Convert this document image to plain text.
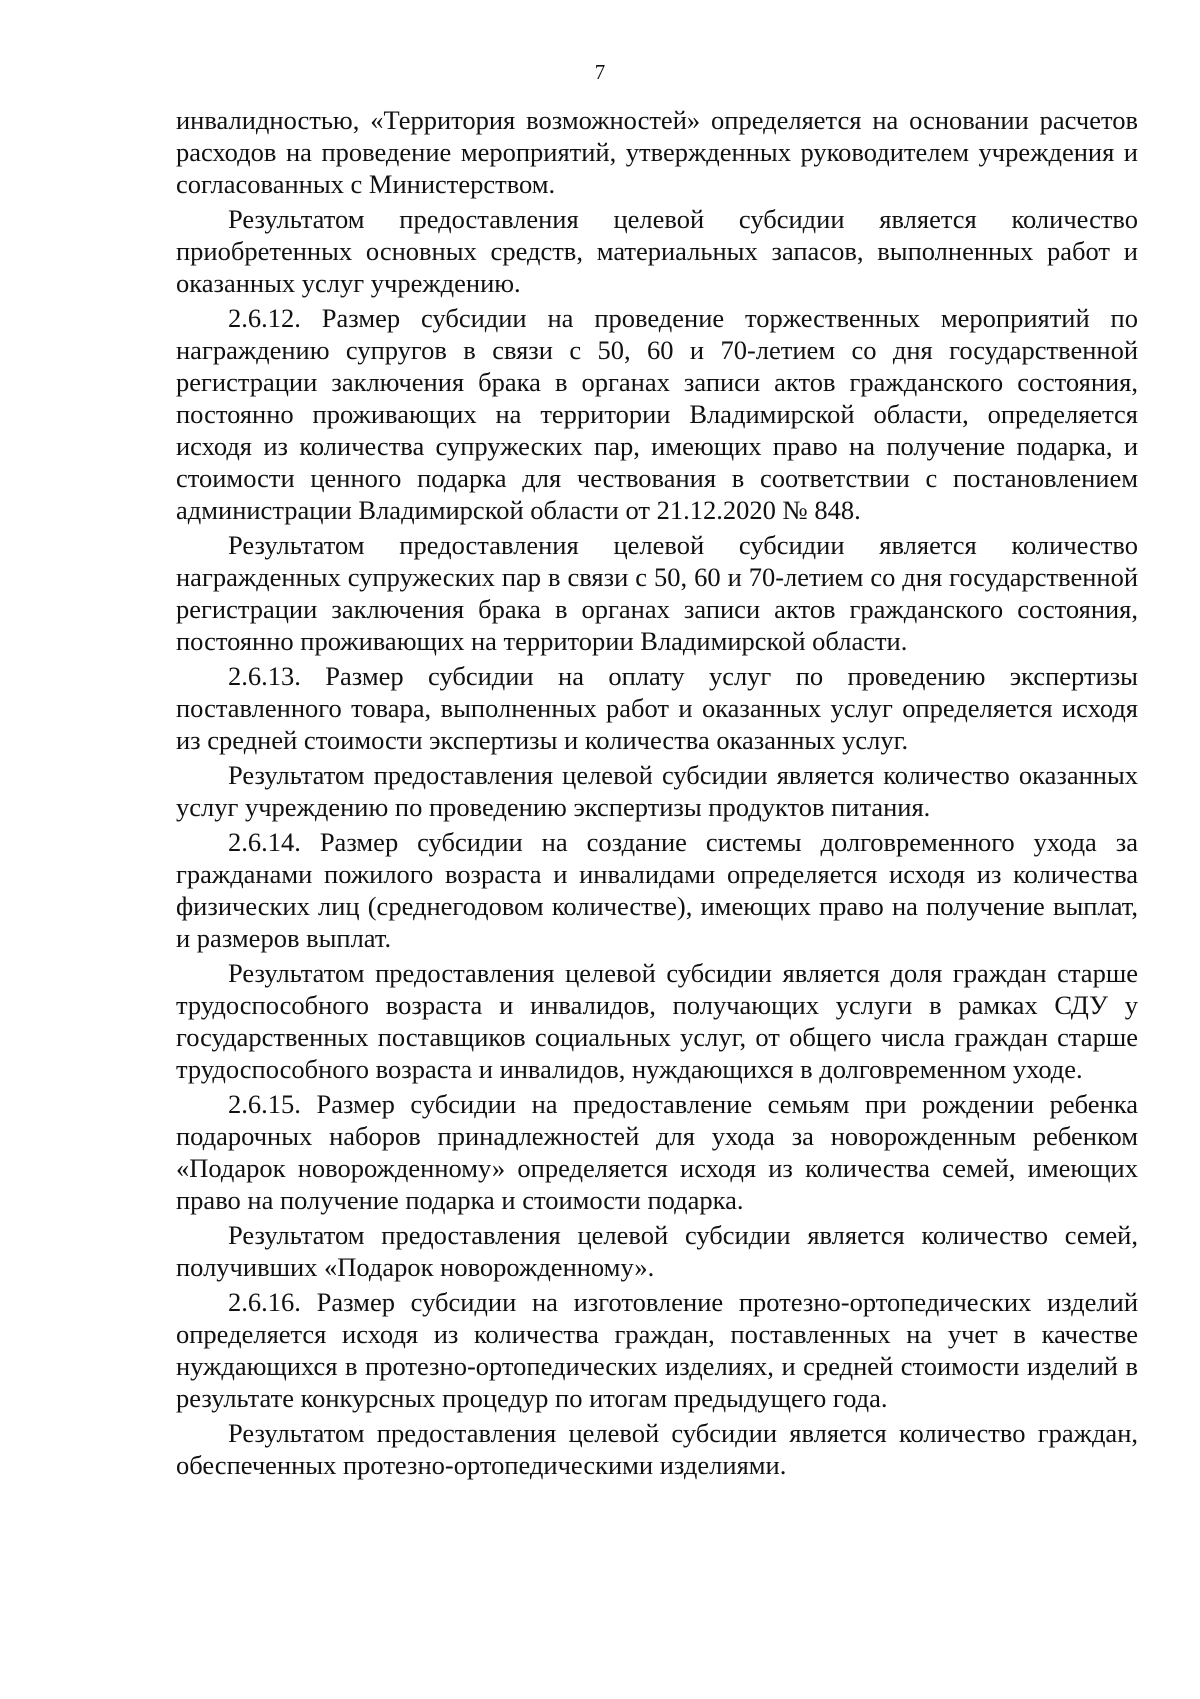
7

инвалидностью, «Территория возможностей» определяется на основании расчетов расходов на проведение мероприятий, утвержденных руководителем учреждения и согласованных с Министерством.

Результатом предоставления целевой субсидии является количество приобретенных основных средств, материальных запасов, выполненных работ и оказанных услуг учреждению.

2.6.12. Размер субсидии на проведение торжественных мероприятий по награждению супругов в связи с 50, 60 и 70-летием со дня государственной регистрации заключения брака в органах записи актов гражданского состояния, постоянно проживающих на территории Владимирской области, определяется исходя из количества супружеских пар, имеющих право на получение подарка, и стоимости ценного подарка для чествования в соответствии с постановлением администрации Владимирской области от 21.12.2020 № 848.

Результатом предоставления целевой субсидии является количество награжденных супружеских пар в связи с 50, 60 и 70-летием со дня государственной регистрации заключения брака в органах записи актов гражданского состояния, постоянно проживающих на территории Владимирской области.

2.6.13. Размер субсидии на оплату услуг по проведению экспертизы поставленного товара, выполненных работ и оказанных услуг определяется исходя из средней стоимости экспертизы и количества оказанных услуг.

Результатом предоставления целевой субсидии является количество оказанных услуг учреждению по проведению экспертизы продуктов питания.

2.6.14. Размер субсидии на создание системы долговременного ухода за гражданами пожилого возраста и инвалидами определяется исходя из количества физических лиц (среднегодовом количестве), имеющих право на получение выплат, и размеров выплат.

Результатом предоставления целевой субсидии является доля граждан старше трудоспособного возраста и инвалидов, получающих услуги в рамках СДУ у государственных поставщиков социальных услуг, от общего числа граждан старше трудоспособного возраста и инвалидов, нуждающихся в долговременном уходе.

2.6.15. Размер субсидии на предоставление семьям при рождении ребенка подарочных наборов принадлежностей для ухода за новорожденным ребенком «Подарок новорожденному» определяется исходя из количества семей, имеющих право на получение подарка и стоимости подарка.

Результатом предоставления целевой субсидии является количество семей, получивших «Подарок новорожденному».

2.6.16. Размер субсидии на изготовление протезно-ортопедических изделий определяется исходя из количества граждан, поставленных на учет в качестве нуждающихся в протезно-ортопедических изделиях, и средней стоимости изделий в результате конкурсных процедур по итогам предыдущего года.

Результатом предоставления целевой субсидии является количество граждан, обеспеченных протезно-ортопедическими изделиями.
